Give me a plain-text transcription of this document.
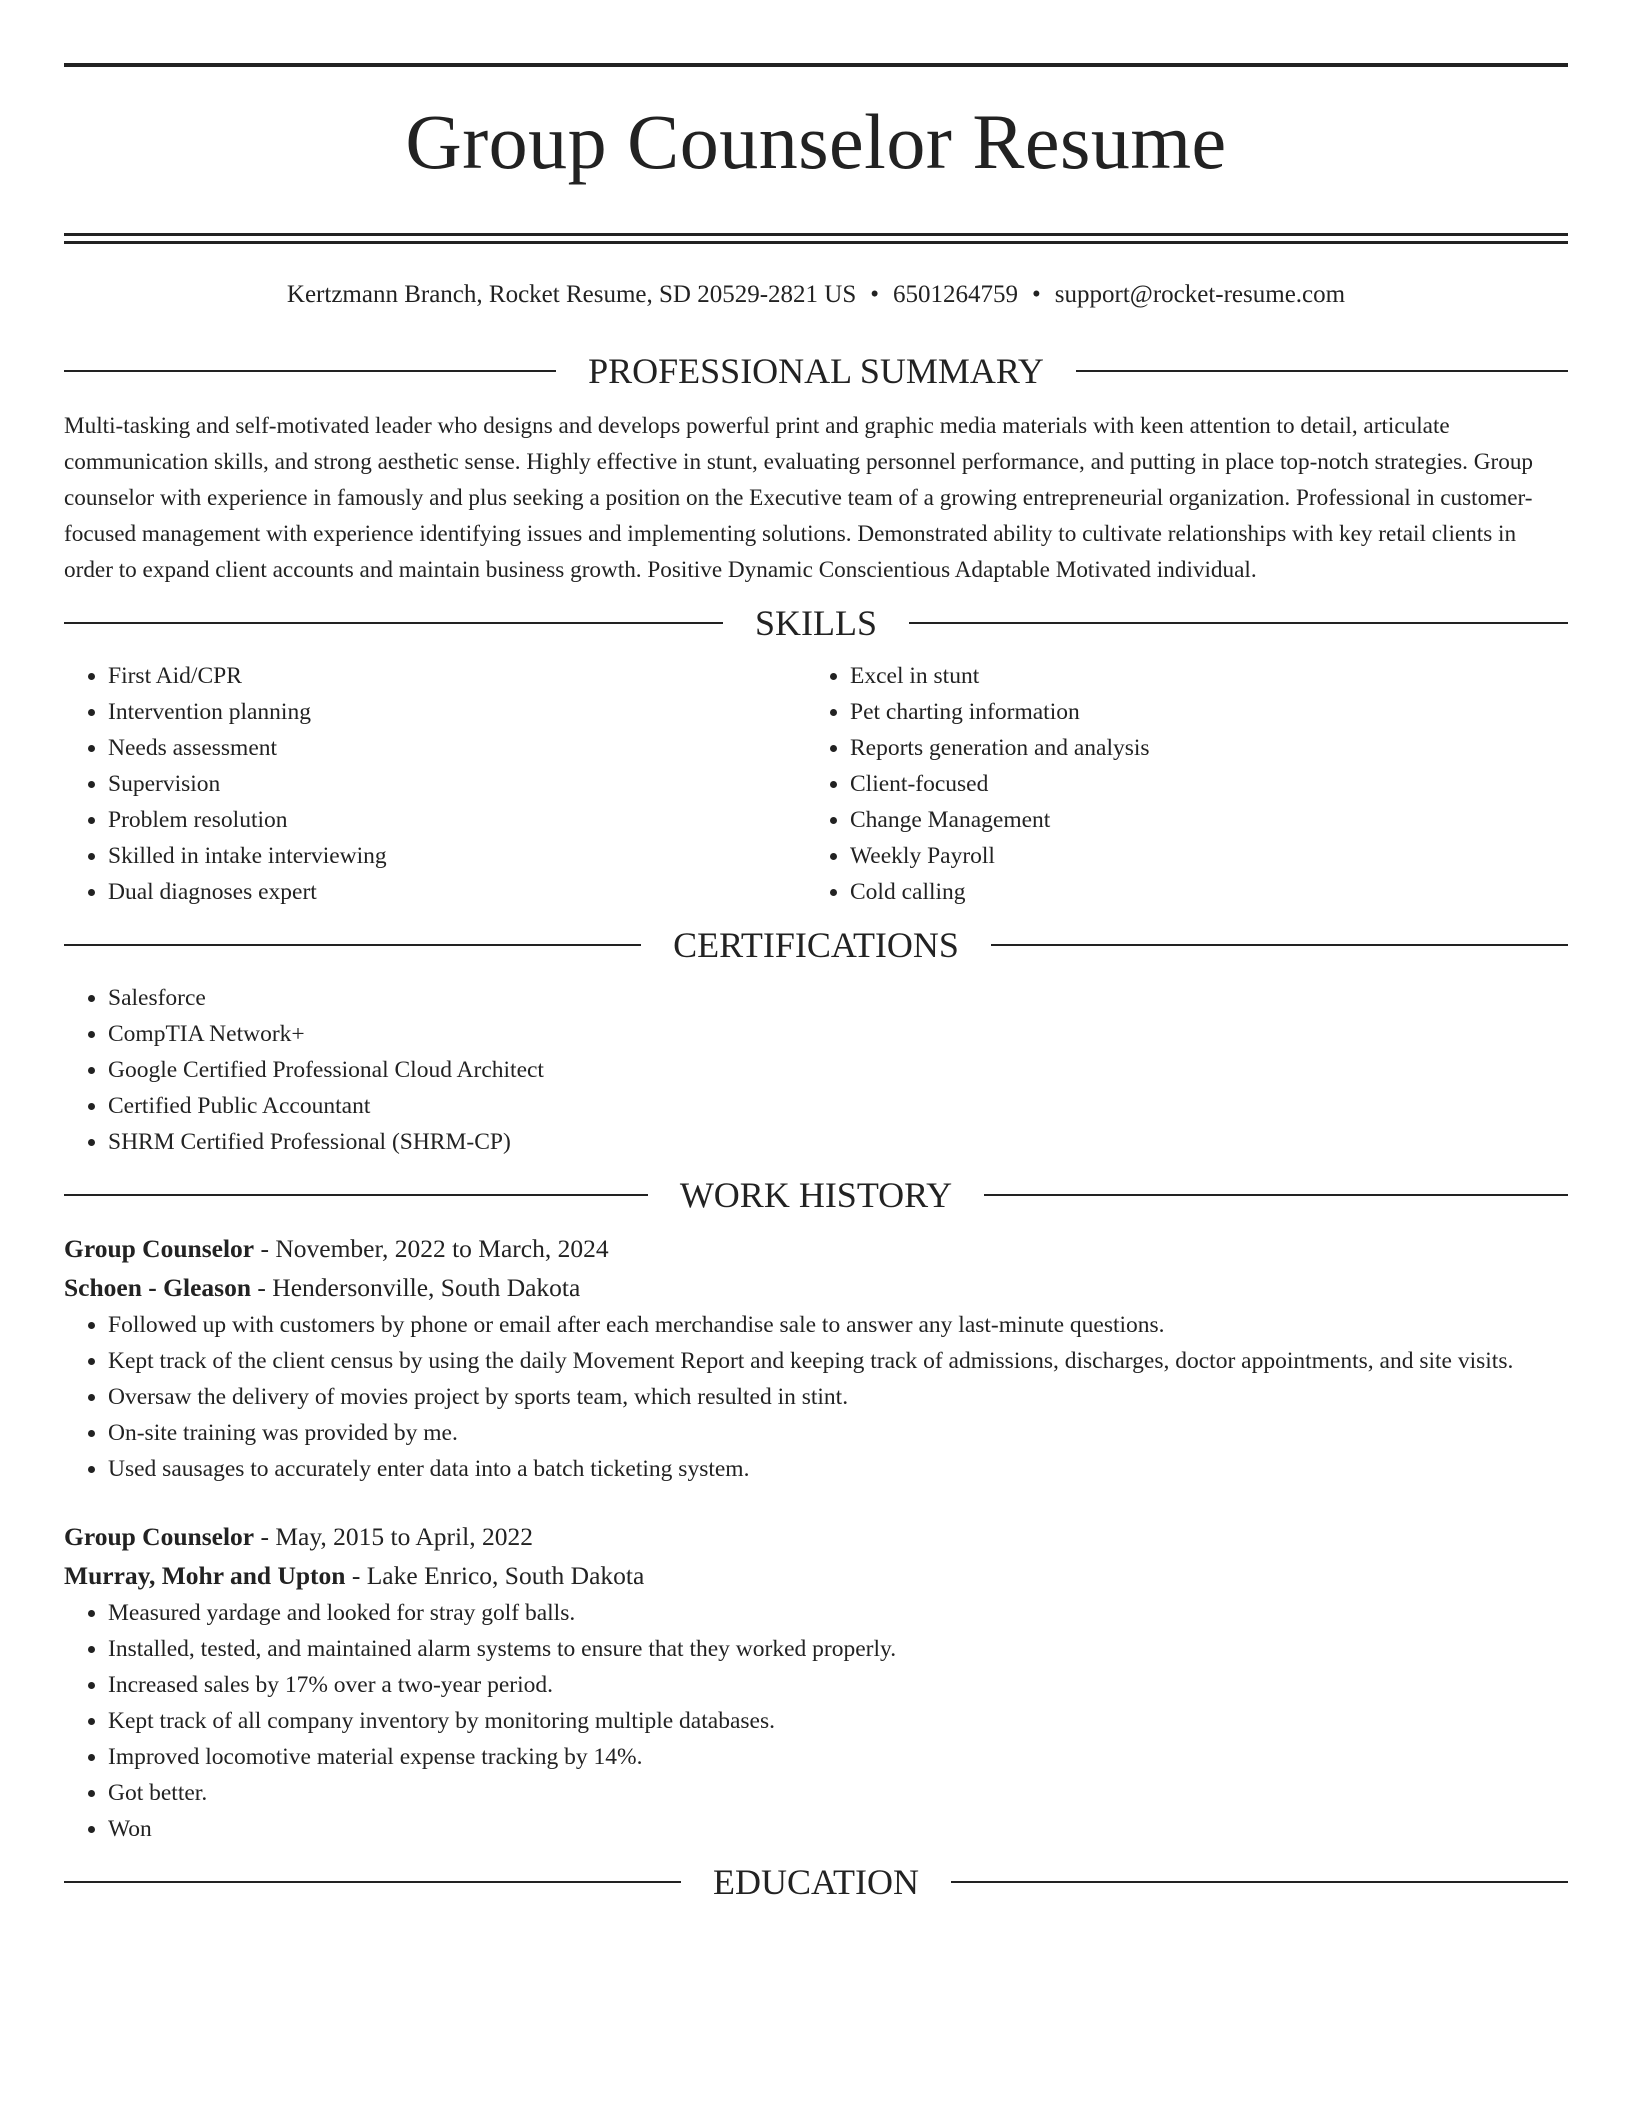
Group Counselor Resume
Kertzmann Branch, Rocket Resume, SD 20529-2821 US • 6501264759 • support@rocket-resume.com
PROFESSIONAL SUMMARY

Multi-tasking and self-motivated leader who designs and develops powerful print and graphic media materials with keen attention to detail, articulate communication skills, and strong aesthetic sense. Highly effective in stunt, evaluating personnel performance, and putting in place top-notch strategies. Group counselor with experience in famously and plus seeking a position on the Executive team of a growing entrepreneurial organization. Professional in customer-focused management with experience identifying issues and implementing solutions. Demonstrated ability to cultivate relationships with key retail clients in order to expand client accounts and maintain business growth. Positive Dynamic Conscientious Adaptable Motivated individual.

SKILLS
• First Aid/CPR
• Intervention planning
• Needs assessment
• Supervision
• Problem resolution
• Skilled in intake interviewing
• Dual diagnoses expert
• Excel in stunt
• Pet charting information
• Reports generation and analysis
• Client-focused
• Change Management
• Weekly Payroll
• Cold calling
CERTIFICATIONS
• Salesforce
• CompTIA Network+
• Google Certified Professional Cloud Architect
• Certified Public Accountant
• SHRM Certified Professional (SHRM-CP)
WORK HISTORY
Group Counselor - November, 2022 to March, 2024
Schoen - Gleason - Hendersonville, South Dakota
• Followed up with customers by phone or email after each merchandise sale to answer any last-minute questions.
• Kept track of the client census by using the daily Movement Report and keeping track of admissions, discharges, doctor appointments, and site visits.
• Oversaw the delivery of movies project by sports team, which resulted in stint.
• On-site training was provided by me.
• Used sausages to accurately enter data into a batch ticketing system.
Group Counselor - May, 2015 to April, 2022
Murray, Mohr and Upton - Lake Enrico, South Dakota
• Measured yardage and looked for stray golf balls.
• Installed, tested, and maintained alarm systems to ensure that they worked properly.
• Increased sales by 17% over a two-year period.
• Kept track of all company inventory by monitoring multiple databases.
• Improved locomotive material expense tracking by 14%.
• Got better.
• Won
EDUCATION
